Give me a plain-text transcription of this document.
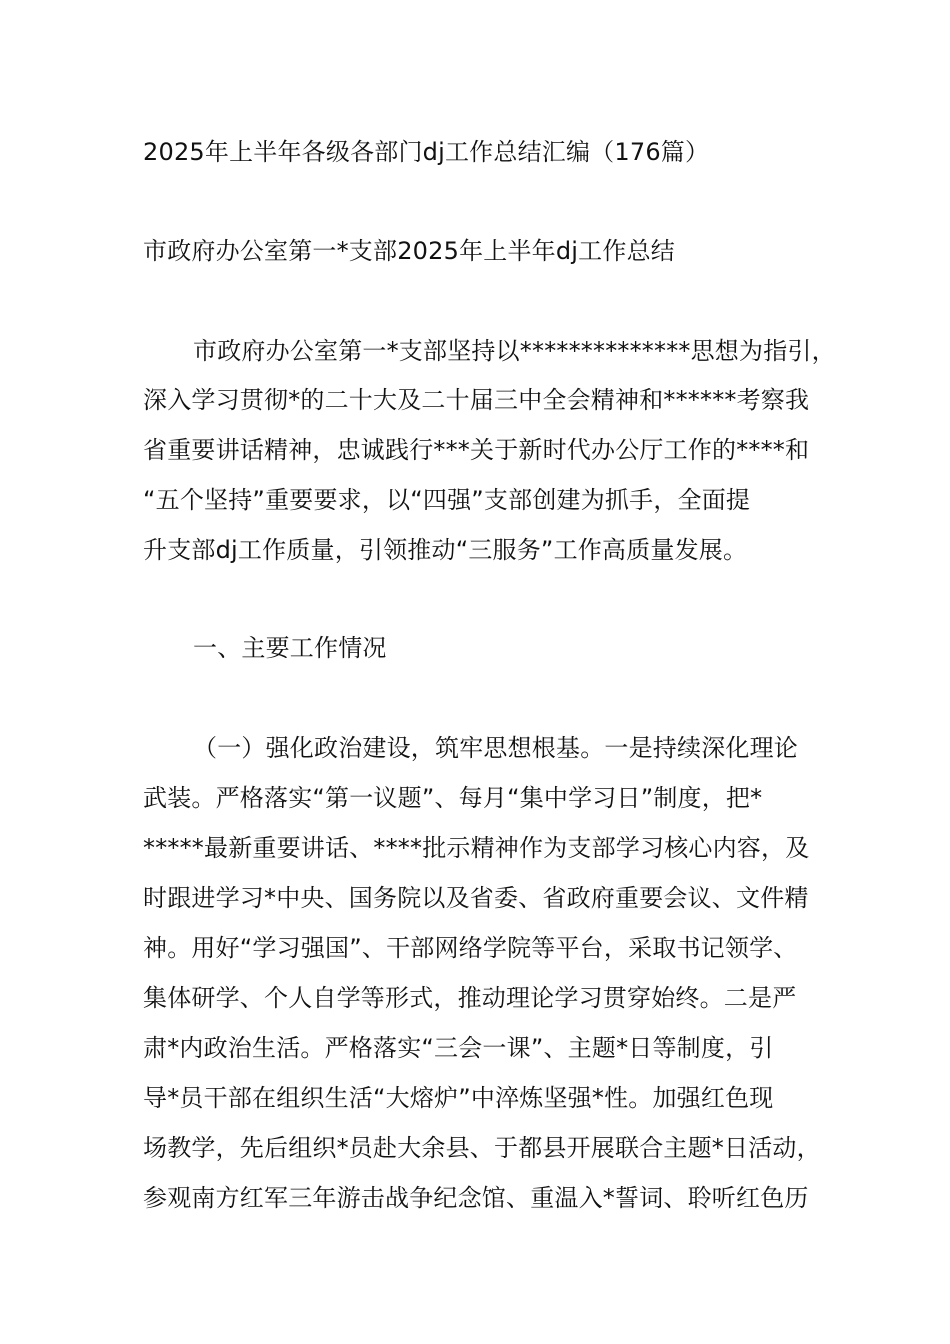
2025年上半年各级各部门dj工作总结汇编（176篇）
市政府办公室第一*支部2025年上半年dj工作总结
市政府办公室第一*支部坚持以**************思想为指引，
深入学习贯彻*的二十大及二十届三中全会精神和******考察我
省重要讲话精神，忠诚践行***关于新时代办公厅工作的****和
“五个坚持”重要要求，以“四强”支部创建为抓手，全面提
升支部dj工作质量，引领推动“三服务”工作高质量发展。
一、主要工作情况
（一）强化政治建设，筑牢思想根基。一是持续深化理论
武装。严格落实“第一议题”、每月“集中学习日”制度，把*
*****最新重要讲话、****批示精神作为支部学习核心内容，及
时跟进学习*中央、国务院以及省委、省政府重要会议、文件精
神。用好“学习强国”、干部网络学院等平台，采取书记领学、
集体研学、个人自学等形式，推动理论学习贯穿始终。二是严
肃*内政治生活。严格落实“三会一课”、主题*日等制度，引
导*员干部在组织生活“大熔炉”中淬炼坚强*性。加强红色现
场教学，先后组织*员赴大余县、于都县开展联合主题*日活动，
参观南方红军三年游击战争纪念馆、重温入*誓词、聆听红色历
